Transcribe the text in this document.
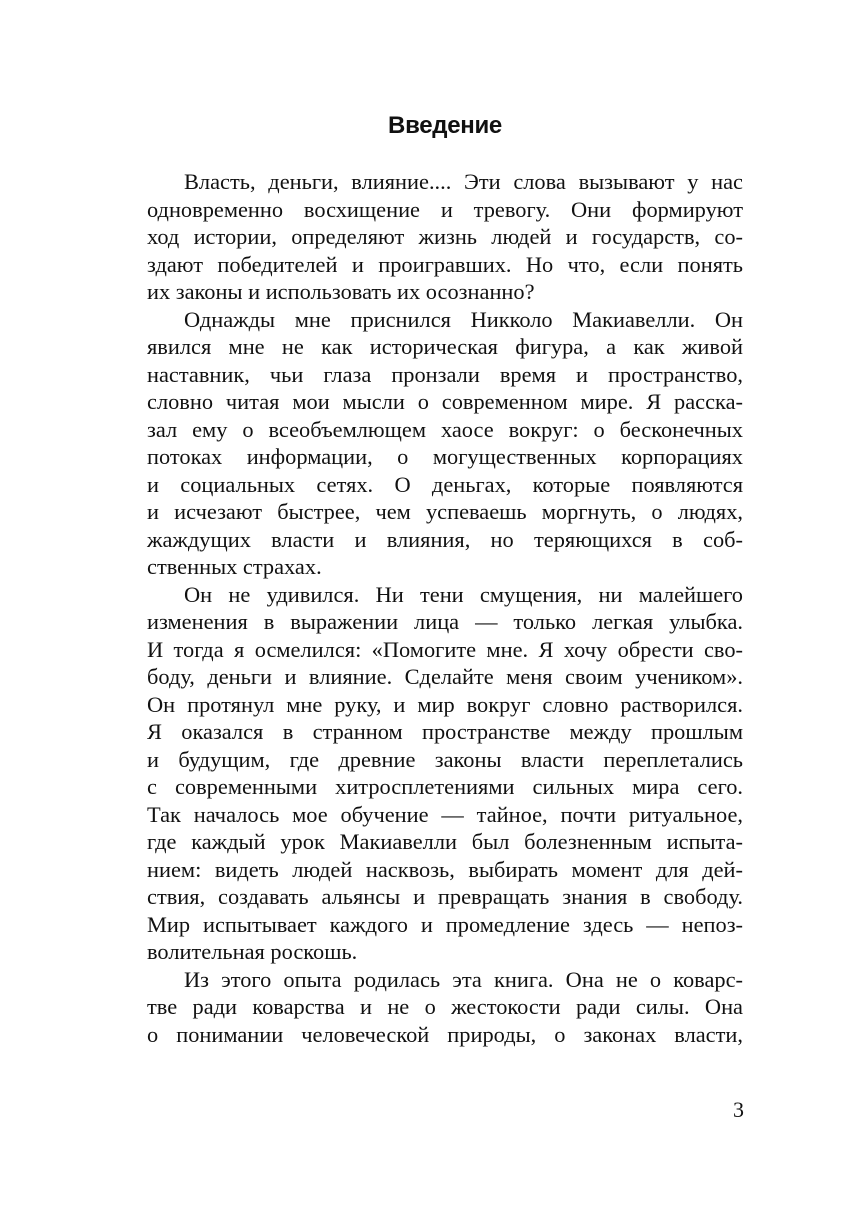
Введение
Власть, деньги, влияние.... Эти слова вызывают у нас
одновременно восхищение и тревогу. Они формируют
ход истории, определяют жизнь людей и государств, со-
здают победителей и проигравших. Но что, если понять
их законы и использовать их осознанно?
Однажды мне приснился Никколо Макиавелли. Он
явился мне не как историческая фигура, а как живой
наставник, чьи глаза пронзали время и пространство,
словно читая мои мысли о современном мире. Я расска-
зал ему о всеобъемлющем хаосе вокруг: о бесконечных
потоках информации, о могущественных корпорациях
и социальных сетях. О деньгах, которые появляются
и исчезают быстрее, чем успеваешь моргнуть, о людях,
жаждущих власти и влияния, но теряющихся в соб-
ственных страхах.
Он не удивился. Ни тени смущения, ни малейшего
изменения в выражении лица — только легкая улыбка.
И тогда я осмелился: «Помогите мне. Я хочу обрести сво-
боду, деньги и влияние. Сделайте меня своим учеником».
Он протянул мне руку, и мир вокруг словно растворился.
Я оказался в странном пространстве между прошлым
и будущим, где древние законы власти переплетались
с современными хитросплетениями сильных мира сего.
Так началось мое обучение — тайное, почти ритуальное,
где каждый урок Макиавелли был болезненным испыта-
нием: видеть людей насквозь, выбирать момент для дей-
ствия, создавать альянсы и превращать знания в свободу.
Мир испытывает каждого и промедление здесь — непоз-
волительная роскошь.
Из этого опыта родилась эта книга. Она не о коварс-
тве ради коварства и не о жестокости ради силы. Она
о понимании человеческой природы, о законах власти,
3
